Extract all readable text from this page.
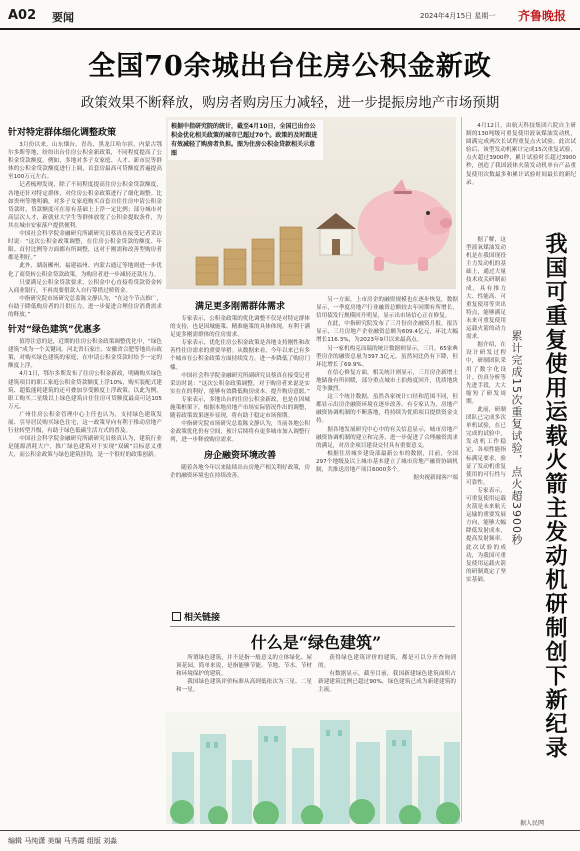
A02 要闻	2024年4月15日 星期一 齐鲁晚报
全国70余城出台住房公积金新政
政策效果不断释放，购房者购房压力减轻，进一步提振房地产市场预期
针对特定群体细化调整政策

3月份以来，山东烟台、青岛，黑龙江哈尔滨，内蒙古鄂尔多斯等地，纷纷出台住房公积金新政策，不同程度提高了公积金贷款额度。例如，多地对多子女家庭、人才、新市民等群体的公积金贷款额度进行上调，首套房最高可贷额度普遍提高至100万元左右。

记者梳理发现，除了不同程度提高住房公积金贷款额度，各地还针对特定群体，对住房公积金政策进行了细化调整。比如贵州等地明确，对多子女家庭购买首套自住住房申请公积金贷款时，贷款额度可在原有基础上上浮一定比例；部分城市对高层次人才、新就业大学生等群体放宽了公积金提取条件，为其在城市安家落户提供便利。

中国社会科学院金融研究所副研究员蔡真在接受记者采访时说：“这次公积金政策调整，在住房公积金贷款的额度、年限、首付比例等方面都有所调整，这对于刚需和改善型购房者都是利好。”

此外，湖南郴州、福建福州、内蒙古通辽等地则进一步优化了商贷转公积金贷款政策，为购房者进一步减轻还款压力。

只要满足公积金贷款要求，公积金中心直接将贷款资金转入商业银行，不再需要借款人自行筹措过桥资金。

中指研究院市场研究总监陈文静认为，“在这个节点推广，有助于降低购房者的月供压力，进一步促进合理住房消费需求的释放。”

针对“绿色建筑”优惠多

值得注意的是，近期的住房公积金政策调整优化中，“绿色建筑”成为一个关键词。河北省石家庄、安徽省合肥等地出台政策，对购买绿色建筑的家庭，在申请公积金贷款时给予一定的额度上浮。

4月1日，鄂尔多斯发布了住房公积金新政，明确购买绿色建筑项目的职工家庭公积金贷款额度上浮10%，购买装配式建筑、超低能耗建筑的还可叠加享受额度上浮政策。以此为例，职工购买二星级以上绿色建筑自住住房可贷额度最高可达105万元。

广州住房公积金管理中心主任也认为，支持绿色建筑发展、引导居民购买绿色住宅，这一政策导向有利于推动房地产行业转型升级，有助于绿色低碳生活方式的普及。

中国社会科学院金融研究所副研究员蔡真认为，建筑行业是能源消耗大户，推广绿色建筑对于实现“双碳”目标意义重大，而公积金政策与绿色建筑挂钩，是一个很好的政策创新。

根据中指研究院的统计，截至4月10日，全国已出台公积金优化相关政策的城市已超过70个。政策的及时跟进有效减轻了购房者负担。图为住房公积金贷款相关示意图
满足更多刚需群体需求

专家表示，公积金政策的优化调整不仅是对特定群体的支持，也是因城施策、精准施策的具体体现，有利于满足更多刚需群体的住房需求。

专家表示，优化住房公积金政策是各地支持刚性和改善性住房需求的重要举措。从数据来看，今年以来已有多个城市在公积金政策方面持续发力，进一步降低了购房门槛。

中国社会科学院金融研究所副研究员蔡真在接受记者采访时说：“这次公积金政策调整，对于购房者来说是实实在在的利好，能够有效降低购房成本，提升购房意愿。”

专家表示，多地出台的住房公积金新政，也是在因城施策框架下，根据本地房地产市场实际情况作出的调整，随着政策效果逐步显现，将有助于稳定市场预期。

中指研究院市场研究总监陈文静认为，当前各地公积金政策优化仍有空间，预计后续将有更多城市加入调整行列，进一步释放购房需求。

房企融资环境改善

随着各地今年以来陆续出台房地产相关利好政策，房企的融资环境也在持续改善。

另一方面，上市房企的融资规模也在逐步恢复，数据显示，一季度房地产行业融资总额较去年同期有所增长，信用债发行规模回升明显，显示出市场信心正在修复。

在此，中指研究院发布了三月份房企融资月报，报告显示，三月房地产企业融资总额为609.4亿元，环比大幅增长116.3%，为2023年9月以来最高点。

另一家机构克而瑞的统计数据则显示，三月，65家典型房企的融资总量为397.3亿元，虽然同比仍有下降，但环比增长了69.9%。

在信心修复方面，相关统计则显示，三月房企新增土地储备有所回暖，部分重点城市土拍热度回升，优质地块竞争激烈。

这三个统计数据，虽然各家统计口径和范围不同，但都显示出房企融资环境在逐步改善。有专家认为，房地产融资协调机制的不断落地，将持续为优质项目提供资金支持。

据各地发展研究中心中的有关信息显示，城市房地产融资协调机制的建立和完善，进一步促进了合理融资需求的满足，对房企项目建设交付具有重要意义。

根据住房城乡建设部最新公布的数据，目前，全国297个地级及以上城市基本建立了城市房地产融资协调机制，共推送房地产项目6000多个。

据央视新闻客户端

相关链接
什么是“绿色建筑”

所谓绿色建筑，并不是指一般意义的立体绿化、屋顶花园，简单来说，是指能够节能、节地、节水、节材和环境保护的建筑。

我国绿色建筑评价标准从高到低依次为三星、二星和一星。

获得绿色建筑评价的建筑，都是可以分开查询到的。

有数据显示，截至目前，我国新建绿色建筑面积占新建建筑比例已超过90%，绿色建筑已成为新建建筑的主流。

4月12日，由航天科技集团六院自主研制的130吨级可重复使用液氧煤油发动机，圆满完成两次长试程重复点火试验。此次试验后，该型发动机累计完成15次重复试验，点火超过3900秒，累计试验时长超过3900秒，创造了我国液体火箭发动机单台产品重复使用次数最多和累计试验时间最长的新纪录。

我国可重复使用运载火箭主发动机研制创下新纪录
累计完成15次重复试验，点火超3900秒

据了解，这型液氧煤油发动机是在我国现役主力发动机的基础上，通过大量技术攻关研制而成，具有推力大、性能高、可重复使用等突出特点，能够满足未来可重复使用运载火箭的动力需求。

据介绍，在设计研发过程中，研制团队采用了数字化设计、仿真分析等先进手段，大大缩短了研发周期。

此前，研制团队已完成多次单机试验，在已完成的试验中，发动机工作稳定，各项性能指标满足要求，验证了发动机重复使用的可行性与可靠性。

专家表示，可重复使用运载火箭是未来航天运输的重要发展方向，能够大幅降低发射成本，提高发射频率。此次试验的成功，为我国可重复使用运载火箭的研制奠定了坚实基础。

据人民网
编辑 马纯潇 美编 马秀霞 组版 刘淼
